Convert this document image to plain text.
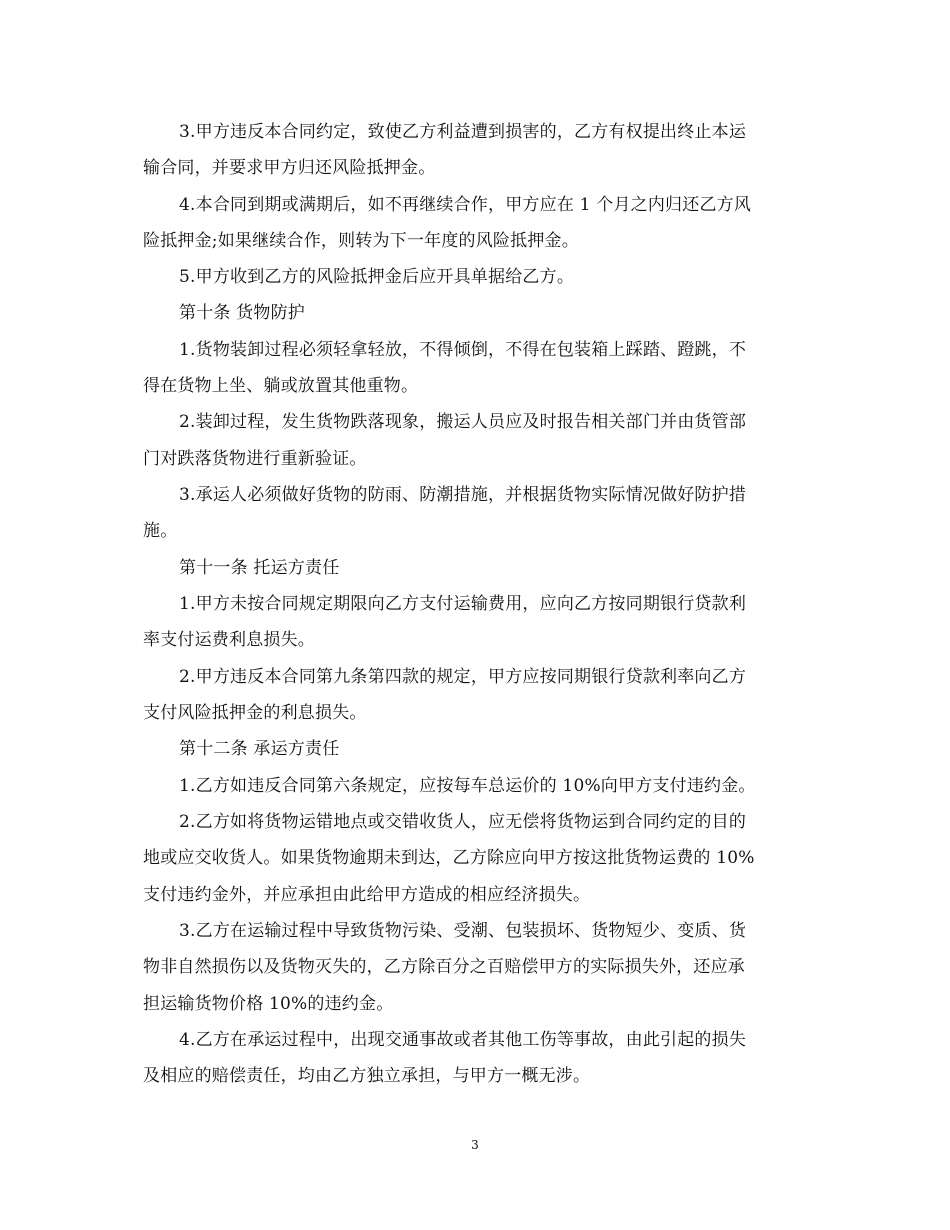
3.甲方违反本合同约定，致使乙方利益遭到损害的，乙方有权提出终止本运
输合同，并要求甲方归还风险抵押金。
4.本合同到期或满期后，如不再继续合作，甲方应在 1 个月之内归还乙方风
险抵押金;如果继续合作，则转为下一年度的风险抵押金。
5.甲方收到乙方的风险抵押金后应开具单据给乙方。
第十条 货物防护
1.货物装卸过程必须轻拿轻放，不得倾倒，不得在包装箱上踩踏、蹬跳，不
得在货物上坐、躺或放置其他重物。
2.装卸过程，发生货物跌落现象，搬运人员应及时报告相关部门并由货管部
门对跌落货物进行重新验证。
3.承运人必须做好货物的防雨、防潮措施，并根据货物实际情况做好防护措
施。
第十一条 托运方责任
1.甲方未按合同规定期限向乙方支付运输费用，应向乙方按同期银行贷款利
率支付运费利息损失。
2.甲方违反本合同第九条第四款的规定，甲方应按同期银行贷款利率向乙方
支付风险抵押金的利息损失。
第十二条 承运方责任
1.乙方如违反合同第六条规定，应按每车总运价的 10%向甲方支付违约金。
2.乙方如将货物运错地点或交错收货人，应无偿将货物运到合同约定的目的
地或应交收货人。如果货物逾期未到达，乙方除应向甲方按这批货物运费的 10%
支付违约金外，并应承担由此给甲方造成的相应经济损失。
3.乙方在运输过程中导致货物污染、受潮、包装损坏、货物短少、变质、货
物非自然损伤以及货物灭失的，乙方除百分之百赔偿甲方的实际损失外，还应承
担运输货物价格 10%的违约金。
4.乙方在承运过程中，出现交通事故或者其他工伤等事故，由此引起的损失
及相应的赔偿责任，均由乙方独立承担，与甲方一概无涉。
3
